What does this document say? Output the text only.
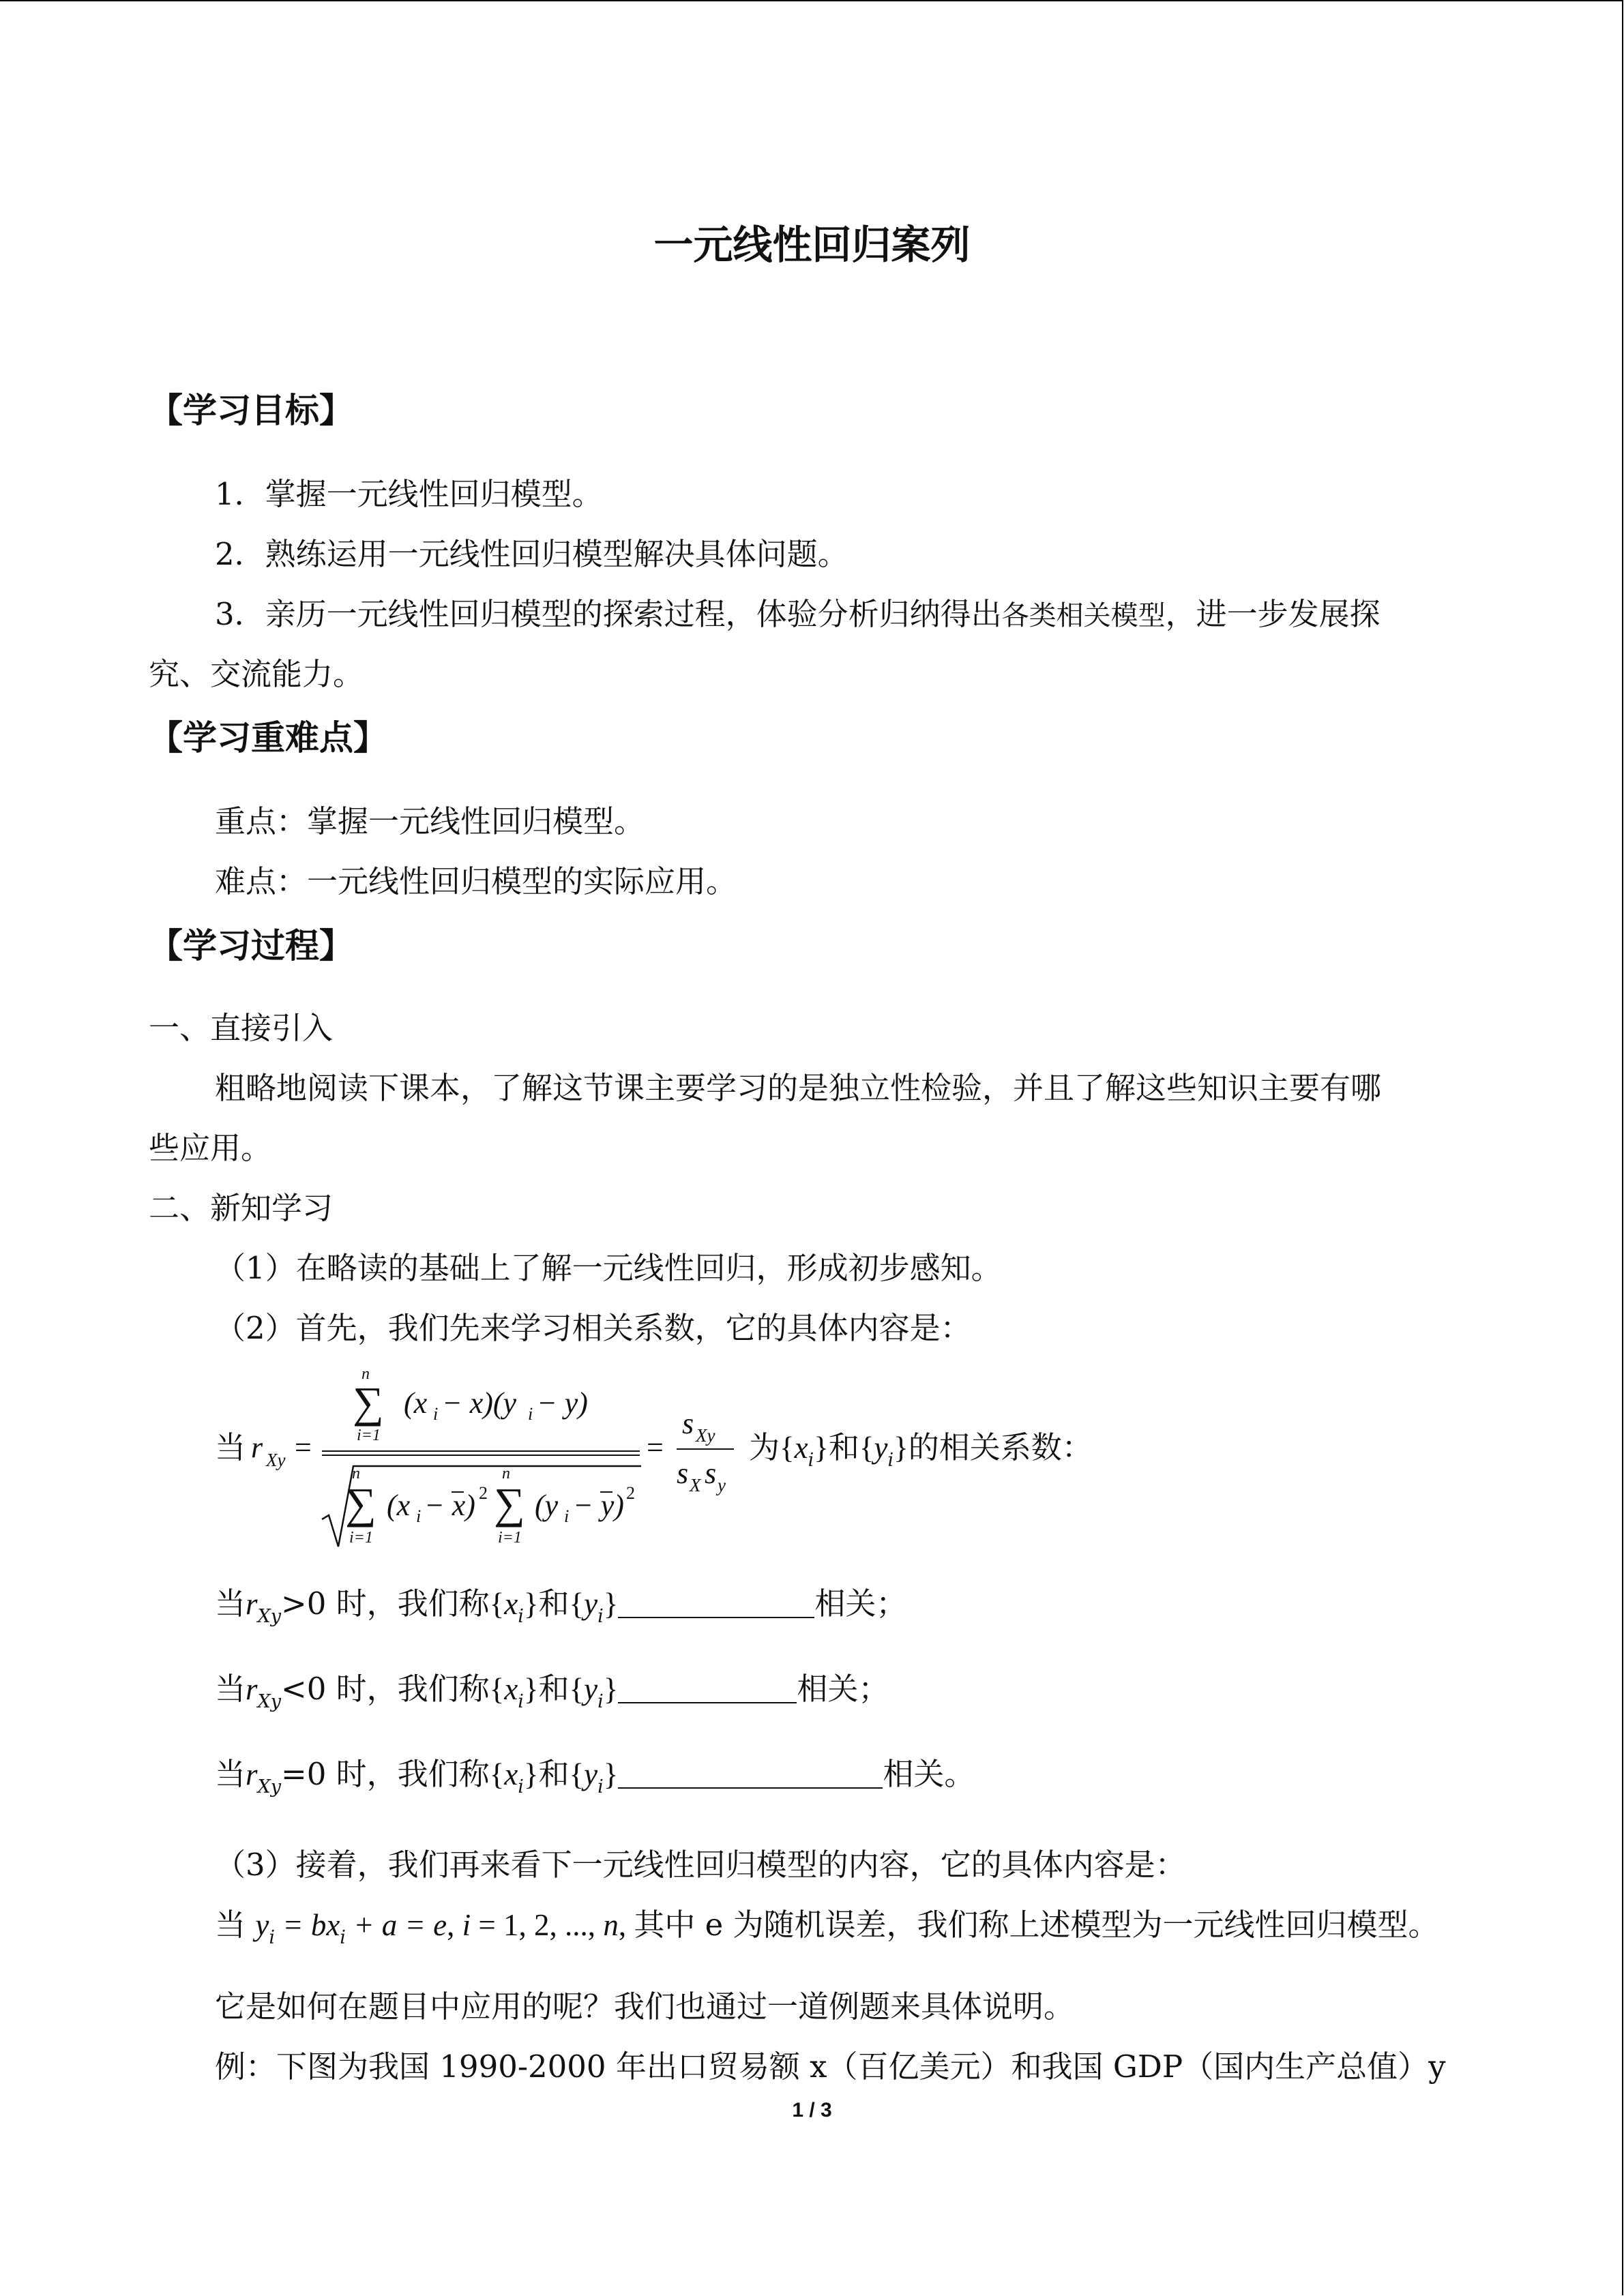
一元线性回归案列
【学习目标】
1．掌握一元线性回归模型。
2．熟练运用一元线性回归模型解决具体问题。
3．亲历一元线性回归模型的探索过程，体验分析归纳得出各类相关模型，进一步发展探
究、交流能力。
【学习重难点】
重点：掌握一元线性回归模型。
难点：一元线性回归模型的实际应用。
【学习过程】
一、直接引入
粗略地阅读下课本，了解这节课主要学习的是独立性检验，并且了解这些知识主要有哪
些应用。
二、新知学习
（1）在略读的基础上了解一元线性回归，形成初步感知。
（2）首先，我们先来学习相关系数，它的具体内容是：
当 r Xy =
n
∑
i=1
(x i − x)(y i − y)
n
∑
i=1
(x i − x) 2
n
∑
i=1
(y i − y) 2
=
s Xy
s X s y
为$\{x_i\}$和$\{y_i\}$的相关系数：
当$r_{Xy}>0$ 时，我们称$\{x_i\}$和$\{y_i\}$	相关；
当$r_{Xy}<0$ 时，我们称$\{x_i\}$和$\{y_i\}$	相关；
当$r_{Xy}=0$ 时，我们称$\{x_i\}$和$\{y_i\}$	相关。
（3）接着，我们再来看下一元线性回归模型的内容，它的具体内容是：
当 $y_i = bx_i + a = e$, i = 1, 2, ..., n, 其中 e 为随机误差，我们称上述模型为一元线性回归模型。
它是如何在题目中应用的呢？我们也通过一道例题来具体说明。
例：下图为我国 1990-2000 年出口贸易额 x（百亿美元）和我国 GDP（国内生产总值）y
1 / 3
